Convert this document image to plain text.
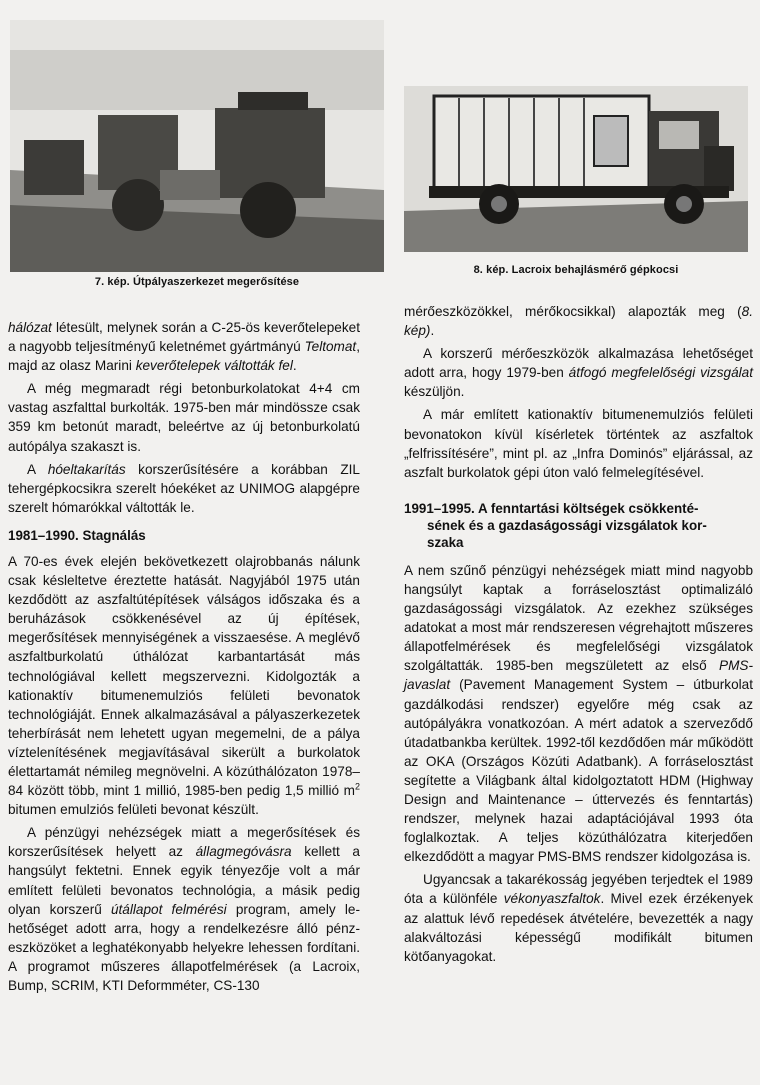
7. kép. Útpályaszerkezet megerősítése
8. kép. Lacroix behajlásmérő gépkocsi

hálózat létesült, melynek során a C-25-ös keverőtelepeket a nagyobb teljesítményű keletnémet gyártmányú Teltomat, majd az olasz Marini keverőtelepek váltották fel.

A még megmaradt régi betonburkolatokat 4+4 cm vastag aszfalttal burkolták. 1975-ben már mindössze csak 359 km betonút maradt, beleértve az új betonburkolatú autópálya szakaszt is.

A hóeltakarítás korszerűsítésére a korábban ZIL tehergépkocsikra szerelt hóekéket az UNIMOG alapgépre szerelt hómarókkal váltották le.

1981–1990. Stagnálás

A 70-es évek elején bekövetkezett olajrobbanás nálunk csak késleltetve éreztette hatását. Nagyjából 1975 után kezdődött az aszfaltútépítések válságos időszaka és a beruházások csökkenésével az új építések, megerősítések mennyiségének a visszaesése. A meglévő aszfaltburkolatú úthálózat karbantartását más technológiával kellett megszervezni. Kidolgozták a kationaktív bitumenemulziós felületi bevonatok technológiáját. Ennek alkalmazásával a pályaszerkezetek teherbírását nem lehetett ugyan megemelni, de a pálya víztelenítésének megjavításával sikerült a burkolatok élettartamát némileg megnövelni. A közúthálózaton 1978–84 között több, mint 1 millió, 1985-ben pedig 1,5 millió $m^2$ bitumen emulziós felületi bevonat készült.

A pénzügyi nehézségek miatt a megerősítések és korszerűsítések helyett az állagmegóvásra kellett a hangsúlyt fektetni. Ennek egyik tényezője volt a már említett felületi bevonatos technológia, a másik pedig olyan korszerű útállapot felmérési program, amely lehetőséget adott arra, hogy a rendelkezésre álló pénzeszközöket a leghatékonyabb helyekre lehessen fordítani. A programot műszeres állapotfelmérések (a Lacroix, Bump, SCRIM, KTI Deformméter, CS-130

mérőeszközökkel, mérőkocsikkal) alapozták meg (8. kép).

A korszerű mérőeszközök alkalmazása lehetőséget adott arra, hogy 1979-ben átfogó megfelelőségi vizsgálat készüljön.

A már említett kationaktív bitumenemulziós felületi bevonatokon kívül kísérletek történtek az aszfaltok „felfrissítésére”, mint pl. az „Infra Dominós” eljárással, az aszfalt burkolatok gépi úton való felmelegítésével.

1991–1995. A fenntartási költségek csökkenté-
sének és a gazdaságossági vizsgálatok kor-
szaka

A nem szűnő pénzügyi nehézségek miatt mind nagyobb hangsúlyt kaptak a forráselosztást optimalizáló gazdaságossági vizsgálatok. Az ezekhez szükséges adatokat a most már rendszeresen végrehajtott műszeres állapotfelmérések és megfelelőségi vizsgálatok szolgáltatták. 1985-ben megszületett az első PMS-javaslat (Pavement Management System – útburkolat gazdálkodási rendszer) egyelőre még csak az autópályákra vonatkozóan. A mért adatok a szerveződő útadatbankba kerültek. 1992-től kezdődően már működött az OKA (Országos Közúti Adatbank). A forráselosztást segítette a Világbank által kidolgoztatott HDM (Highway Design and Maintenance – úttervezés és fenntartás) rendszer, melynek hazai adaptációjával 1993 óta foglalkoztak. A teljes közúthálózatra kiterjedően elkezdődött a magyar PMS-BMS rendszer kidolgozása is.

Ugyancsak a takarékosság jegyében terjedtek el 1989 óta a különféle vékonyaszfaltok. Mivel ezek érzékenyek az alattuk lévő repedések átvételére, bevezették a nagy alakváltozási képességű modifikált bitumen kötőanyagokat.
